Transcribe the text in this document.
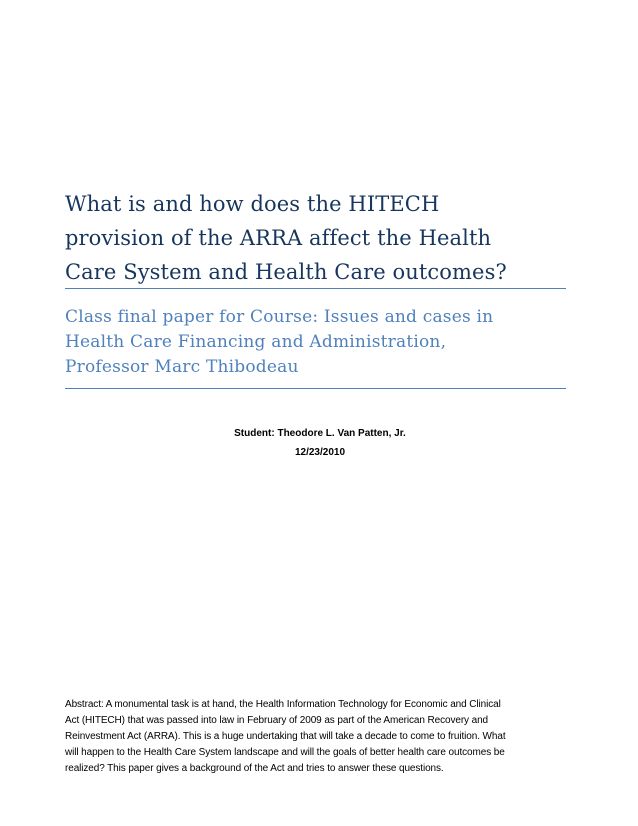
What is and how does the HITECH
provision of the ARRA affect the Health
Care System and Health Care outcomes?
Class final paper for Course: Issues and cases in
Health Care Financing and Administration,
Professor Marc Thibodeau
Student: Theodore L. Van Patten, Jr.
12/23/2010

Abstract: A monumental task is at hand, the Health Information Technology for Economic and Clinical
Act (HITECH) that was passed into law in February of 2009 as part of the American Recovery and
Reinvestment Act (ARRA). This is a huge undertaking that will take a decade to come to fruition. What
will happen to the Health Care System landscape and will the goals of better health care outcomes be
realized? This paper gives a background of the Act and tries to answer these questions.
